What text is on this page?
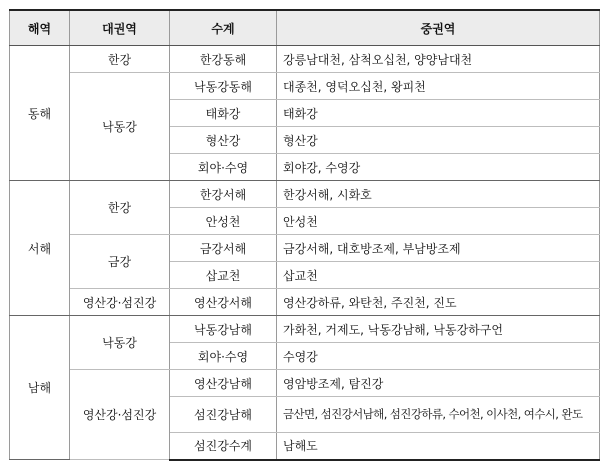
해역	대권역	수계	중권역
동해	한강	한강동해	강릉남대천, 삼척오십천, 양양남대천
	낙동강	낙동강동해	대종천, 영덕오십천, 왕피천
		태화강	태화강
		형산강	형산강
		회야·수영	회야강, 수영강
서해	한강	한강서해	한강서해, 시화호
		안성천	안성천
	금강	금강서해	금강서해, 대호방조제, 부남방조제
		삽교천	삽교천
	영산강·섬진강	영산강서해	영산강하류, 와탄천, 주진천, 진도
남해	낙동강	낙동강남해	가화천, 거제도, 낙동강남해, 낙동강하구언
		회야·수영	수영강
	영산강·섬진강	영산강남해	영암방조제, 탐진강
		섬진강남해	금산면, 섬진강서남해, 섬진강하류, 수어천, 이사천, 여수시, 완도
		섬진강수계	남해도
